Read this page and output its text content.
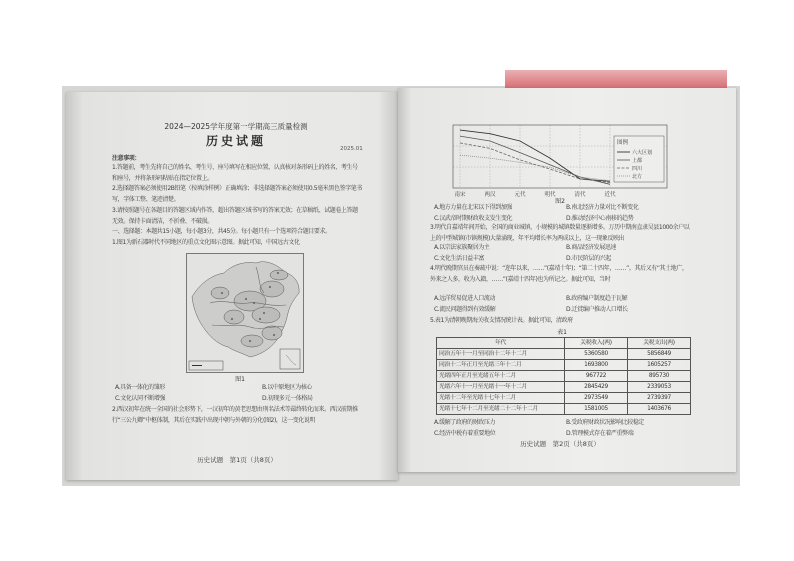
2024—2025学年度第一学期高三质量检测
历史试题
2025.01
注意事项：
1.答题前，考生先将自己的姓名、考生号、座号填写在相应位置，认真核对条形码上的姓名、考生号和座号，并将条形码粘贴在指定位置上。
2.选择题答案必须使用2B铅笔（按填涂样例）正确填涂；非选择题答案必须使用0.5毫米黑色签字笔书写，字体工整、笔迹清楚。
3.请按照题号在各题目的答题区域内作答，超出答题区域书写的答案无效；在草稿纸、试题卷上答题无效。保持卡面清洁，不折叠、不破损。
一、选择题：本题共15小题，每小题3分，共45分。每小题只有一个选项符合题目要求。
1.图1为新石器时代不同地区的重点文化圈示意图。据此可知，中国远古文化
图1
A.具备一体化的雏形	B.以中原地区为核心
C.文化认同不断增强	D.初现多元一体格局
2.西汉初年在统一全国的社会形势下，一汉初年的黄老思想由刑名法术等最终转化而来。西汉前期推行“三公九卿”中枢体制，其后在实践中出现中朝与外朝的分化(图2)，这一变化说明
历史试题　第1页（共8页）
南宋	两汉	元代	明代	清代	近代
图例
六大区划
上都
四川
北方
图2
A.地方力量在北宋以下得到加强	B.南北经济力量对比不断变化
C.汉武帝时期财政收支发生变化	D.推动经济中心南移的趋势
3.明代自嘉靖年间开始，全国的商业城镇，小规模的城镇数量逐渐增多。万历中期南直隶吴县1000余户以上的中型城镇(市镇规模)大量涌现，年平均增长率为两成以上，这一现象反映出
A.以宗法家族聚居为主	B.商品经济发展迅速
C.文化生活日益丰富	D.市民阶层的兴起
4.明代晚期官员在奏疏中说：“迩年以来，……”(嘉靖十年)；“第二十四年，……”。其后又有“其土地广，外来之人多，收为入籍，……”(嘉靖十四年)也为所记之。据此可知，当时
A.远洋贸易促进人口流动	B.政府编户制度趋于瓦解
C.流民问题得到有效缓解	D.迁徙编户推动人口增长
5.表1为清朝晚期海关收支情况统计表。据此可知，清政府
表1
年代	关税收入(两)	关税支出(两)
同治五年十一月至同治十二年十二月	5360580	5856849
同治十二年正月至光绪三年十二月	1693800	1605257
光绪四年正月至光绪五年十二月	967722	895730
光绪六年十一月至光绪十一年十二月	2845429	2339053
光绪十二年至光绪十七年十二月	2973549	2739397
光绪十七年十二月至光绪二十二年十二月	1581005	1403676
A.缓解了政府的财政压力	B.受政府财政状况影响比较稳定
C.经济中税有着重要地位	D.管理模式存在着严重弊端
历史试题　第2页（共8页）
